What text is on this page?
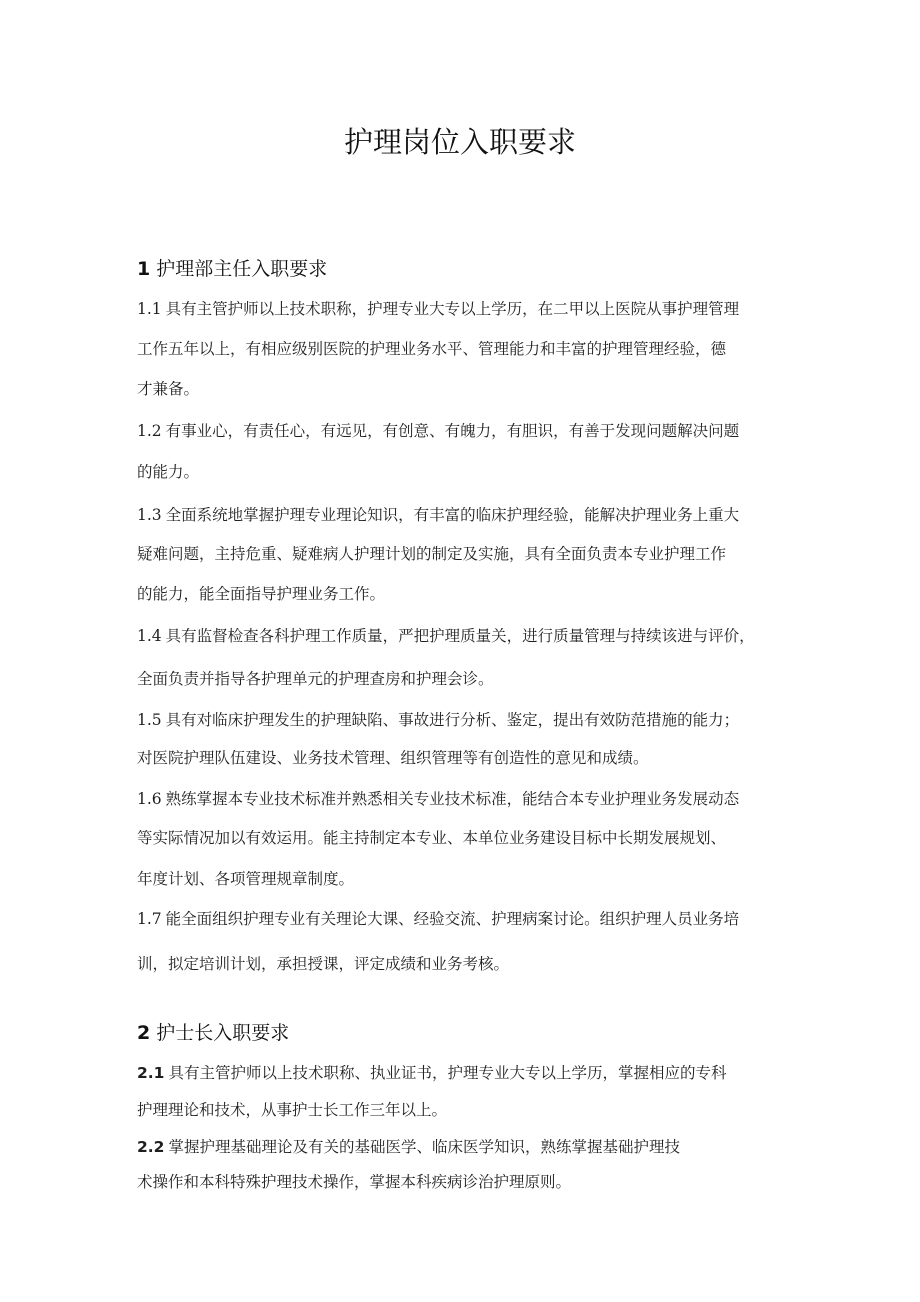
护理岗位入职要求
1 护理部主任入职要求
1.1 具有主管护师以上技术职称，护理专业大专以上学历，在二甲以上医院从事护理管理
工作五年以上，有相应级别医院的护理业务水平、管理能力和丰富的护理管理经验，德
才兼备。
1.2 有事业心，有责任心，有远见，有创意、有魄力，有胆识，有善于发现问题解决问题
的能力。
1.3 全面系统地掌握护理专业理论知识，有丰富的临床护理经验，能解决护理业务上重大
疑难问题，主持危重、疑难病人护理计划的制定及实施，具有全面负责本专业护理工作
的能力，能全面指导护理业务工作。
1.4 具有监督检查各科护理工作质量，严把护理质量关，进行质量管理与持续该进与评价，
全面负责并指导各护理单元的护理查房和护理会诊。
1.5 具有对临床护理发生的护理缺陷、事故进行分析、鉴定，提出有效防范措施的能力；
对医院护理队伍建设、业务技术管理、组织管理等有创造性的意见和成绩。
1.6 熟练掌握本专业技术标准并熟悉相关专业技术标准，能结合本专业护理业务发展动态
等实际情况加以有效运用。能主持制定本专业、本单位业务建设目标中长期发展规划、
年度计划、各项管理规章制度。
1.7 能全面组织护理专业有关理论大课、经验交流、护理病案讨论。组织护理人员业务培
训，拟定培训计划，承担授课，评定成绩和业务考核。
2 护士长入职要求
2.1 具有主管护师以上技术职称、执业证书，护理专业大专以上学历，掌握相应的专科
护理理论和技术，从事护士长工作三年以上。
2.2 掌握护理基础理论及有关的基础医学、临床医学知识，熟练掌握基础护理技
术操作和本科特殊护理技术操作，掌握本科疾病诊治护理原则。
